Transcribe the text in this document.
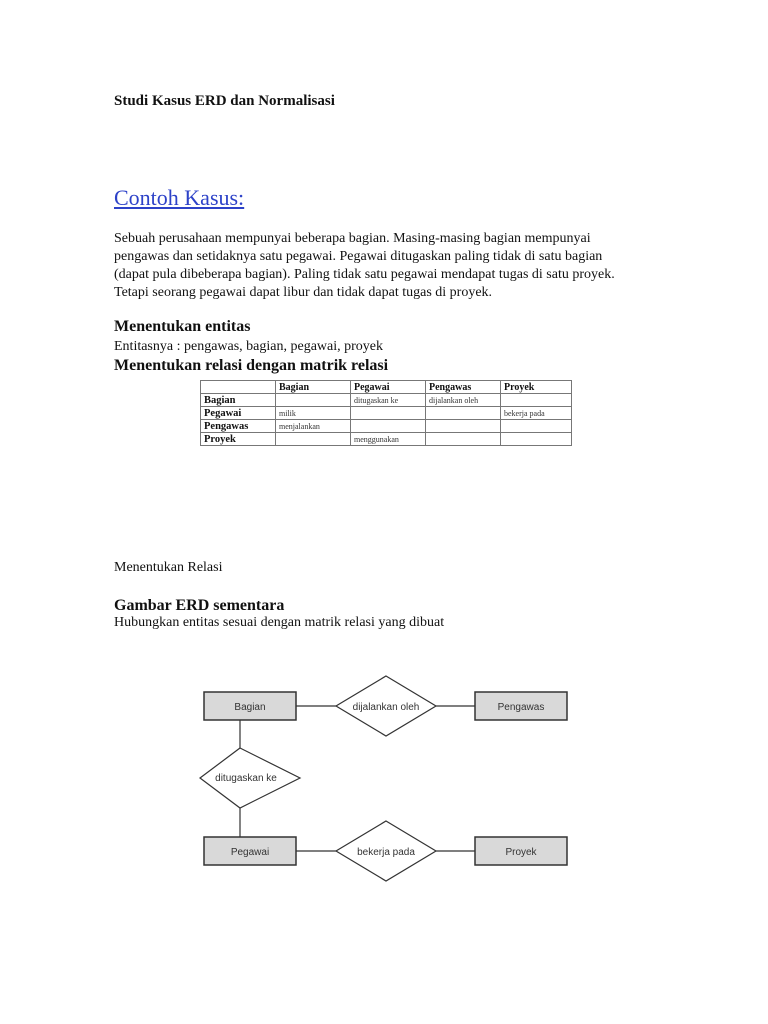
Studi Kasus ERD dan Normalisasi
Contoh Kasus:
Sebuah perusahaan mempunyai beberapa bagian. Masing-masing bagian mempunyai
pengawas dan setidaknya satu pegawai. Pegawai ditugaskan paling tidak di satu bagian
(dapat pula dibeberapa bagian). Paling tidak satu pegawai mendapat tugas di satu proyek.
Tetapi seorang pegawai dapat libur dan tidak dapat tugas di proyek.
Menentukan entitas
Entitasnya : pengawas, bagian, pegawai, proyek
Menentukan relasi dengan matrik relasi
	Bagian	Pegawai	Pengawas	Proyek
Bagian		ditugaskan ke	dijalankan oleh	
Pegawai	milik			bekerja pada
Pengawas	menjalankan			
Proyek		menggunakan		
Menentukan Relasi
Gambar ERD sementara
Hubungkan entitas sesuai dengan matrik relasi yang dibuat
Bagian	Pengawas
Pegawai	Proyek
dijalankan oleh
ditugaskan ke
bekerja pada
